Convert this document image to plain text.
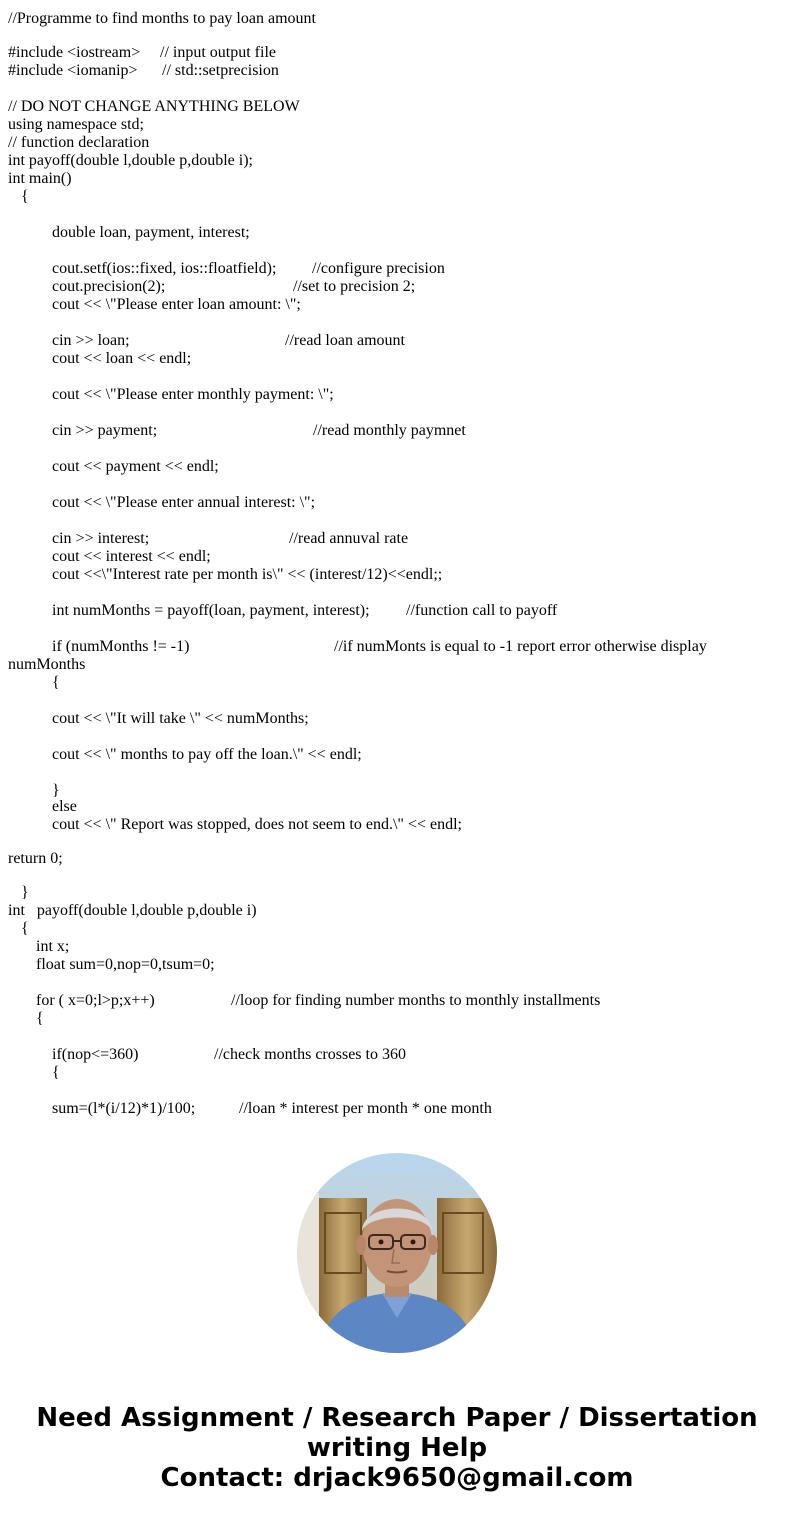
//Programme to find months to pay loan amount
#include <iostream> // input output file
#include <iomanip> // std::setprecision
// DO NOT CHANGE ANYTHING BELOW
using namespace std;
// function declaration
int payoff(double l,double p,double i);
int main()
{
double loan, payment, interest;
cout.setf(ios::fixed, ios::floatfield); //configure precision
cout.precision(2);	//set to precision 2;
cout << \"Please enter loan amount: \";
cin >> loan;	//read loan amount
cout << loan << endl;
cout << \"Please enter monthly payment: \";
cin >> payment;	//read monthly paymnet
cout << payment << endl;
cout << \"Please enter annual interest: \";
cin >> interest;	//read annuval rate
cout << interest << endl;
cout <<\"Interest rate per month is\" << (interest/12)<<endl;;
int numMonths = payoff(loan, payment, interest); //function call to payoff
if (numMonths != -1)	//if numMonts is equal to -1 report error otherwise display
numMonths
{
cout << \"It will take \" << numMonths;
cout << \" months to pay off the loan.\" << endl;
}
else
cout << \" Report was stopped, does not seem to end.\" << endl;
return 0;
}
int   payoff(double l,double p,double i)
{
int x;
float sum=0,nop=0,tsum=0;
for ( x=0;l>p;x++)	//loop for finding number months to monthly installments
{
if(nop<=360)	//check months crosses to 360
{
sum=(l*(i/12)*1)/100;	//loan * interest per month * one month
Need Assignment / Research Paper / Dissertation writing Help
Contact: drjack9650@gmail.com
